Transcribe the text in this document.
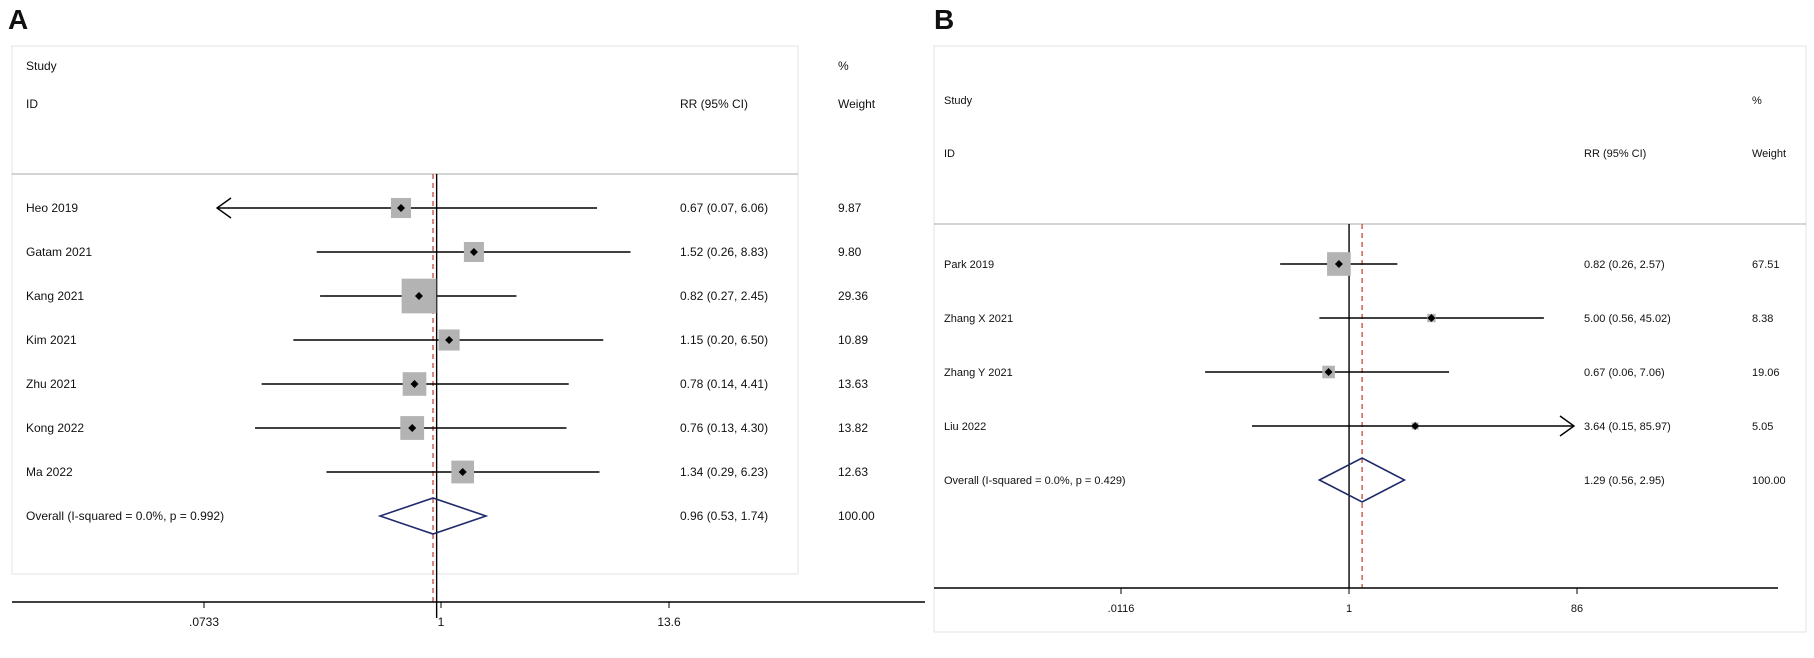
A
Study
ID	RR (95% CI)
%
Weight
Heo 2019	0.67 (0.07, 6.06)	9.87
Gatam 2021	1.52 (0.26, 8.83)	9.80
Kang 2021	0.82 (0.27, 2.45)	29.36
Kim 2021	1.15 (0.20, 6.50)	10.89
Zhu 2021	0.78 (0.14, 4.41)	13.63
Kong 2022	0.76 (0.13, 4.30)	13.82
Ma 2022	1.34 (0.29, 6.23)	12.63
Overall (I-squared = 0.0%, p = 0.992)	0.96 (0.53, 1.74)	100.00
.0733	1	13.6
B
Study
ID	RR (95% CI)
%
Weight
Park 2019	0.82 (0.26, 2.57)	67.51
Zhang X 2021	5.00 (0.56, 45.02)	8.38
Zhang Y 2021	0.67 (0.06, 7.06)	19.06
Liu 2022	3.64 (0.15, 85.97)	5.05
Overall (I-squared = 0.0%, p = 0.429)	1.29 (0.56, 2.95)	100.00
.0116	1	86
